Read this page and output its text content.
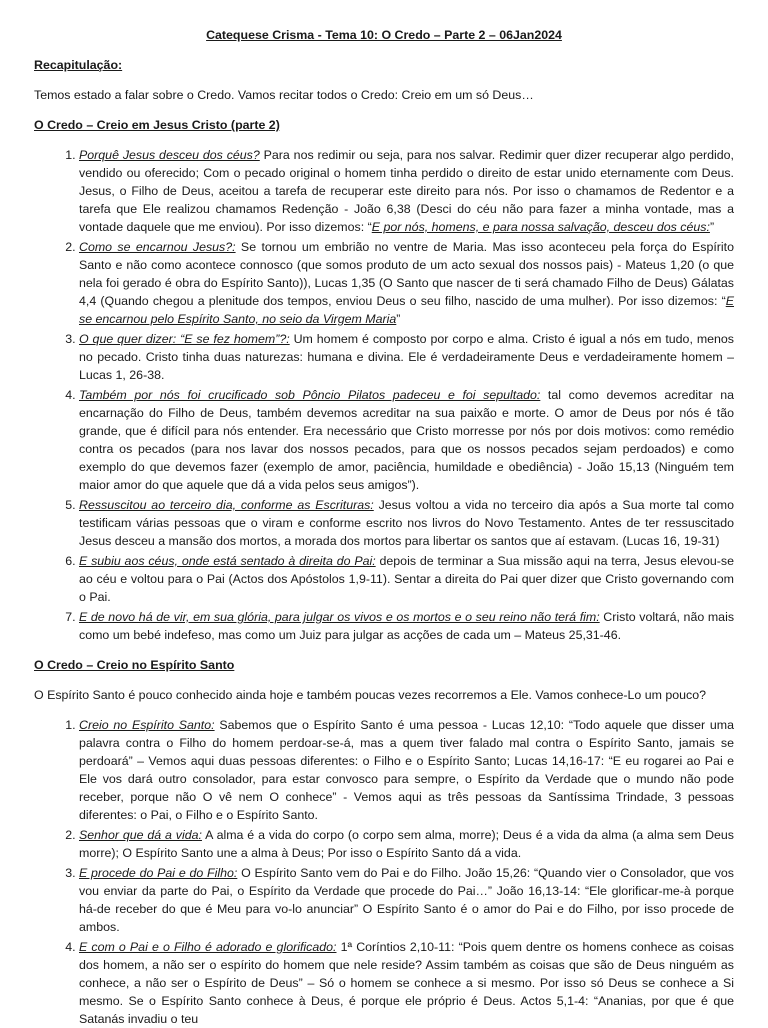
Catequese Crisma - Tema 10: O Credo – Parte 2 – 06Jan2024

Recapitulação:

Temos estado a falar sobre o Credo. Vamos recitar todos o Credo: Creio em um só Deus…

O Credo – Creio em Jesus Cristo (parte 2)

1. Porquê Jesus desceu dos céus? Para nos redimir ou seja, para nos salvar. Redimir quer dizer recuperar algo perdido, vendido ou oferecido; Com o pecado original o homem tinha perdido o direito de estar unido eternamente com Deus. Jesus, o Filho de Deus, aceitou a tarefa de recuperar este direito para nós. Por isso o chamamos de Redentor e a tarefa que Ele realizou chamamos Redenção - João 6,38 (Desci do céu não para fazer a minha vontade, mas a vontade daquele que me enviou). Por isso dizemos: “E por nós, homens, e para nossa salvação, desceu dos céus:”
2. Como se encarnou Jesus?: Se tornou um embrião no ventre de Maria. Mas isso aconteceu pela força do Espírito Santo e não como acontece connosco (que somos produto de um acto sexual dos nossos pais) - Mateus 1,20 (o que nela foi gerado é obra do Espírito Santo)), Lucas 1,35 (O Santo que nascer de ti será chamado Filho de Deus) Gálatas 4,4 (Quando chegou a plenitude dos tempos, enviou Deus o seu filho, nascido de uma mulher). Por isso dizemos: “E se encarnou pelo Espírito Santo, no seio da Virgem Maria”
3. O que quer dizer: “E se fez homem”?: Um homem é composto por corpo e alma. Cristo é igual a nós em tudo, menos no pecado. Cristo tinha duas naturezas: humana e divina. Ele é verdadeiramente Deus e verdadeiramente homem – Lucas 1, 26-38.
4. Também por nós foi crucificado sob Pôncio Pilatos padeceu e foi sepultado: tal como devemos acreditar na encarnação do Filho de Deus, também devemos acreditar na sua paixão e morte. O amor de Deus por nós é tão grande, que é difícil para nós entender. Era necessário que Cristo morresse por nós por dois motivos: como remédio contra os pecados (para nos lavar dos nossos pecados, para que os nossos pecados sejam perdoados) e como exemplo do que devemos fazer (exemplo de amor, paciência, humildade e obediência) - João 15,13 (Ninguém tem maior amor do que aquele que dá a vida pelos seus amigos”).
5. Ressuscitou ao terceiro dia, conforme as Escrituras: Jesus voltou a vida no terceiro dia após a Sua morte tal como testificam várias pessoas que o viram e conforme escrito nos livros do Novo Testamento. Antes de ter ressuscitado Jesus desceu a mansão dos mortos, a morada dos mortos para libertar os santos que aí estavam. (Lucas 16, 19-31)
6. E subiu aos céus, onde está sentado à direita do Pai: depois de terminar a Sua missão aqui na terra, Jesus elevou-se ao céu e voltou para o Pai (Actos dos Apóstolos 1,9-11). Sentar a direita do Pai quer dizer que Cristo governando com o Pai.
7. E de novo há de vir, em sua glória, para julgar os vivos e os mortos e o seu reino não terá fim: Cristo voltará, não mais como um bebé indefeso, mas como um Juiz para julgar as acções de cada um – Mateus 25,31-46.

O Credo – Creio no Espírito Santo

O Espírito Santo é pouco conhecido ainda hoje e também poucas vezes recorremos a Ele. Vamos conhece-Lo um pouco?

1. Creio no Espírito Santo: Sabemos que o Espírito Santo é uma pessoa - Lucas 12,10: “Todo aquele que disser uma palavra contra o Filho do homem perdoar-se-á, mas a quem tiver falado mal contra o Espírito Santo, jamais se perdoará” – Vemos aqui duas pessoas diferentes: o Filho e o Espírito Santo; Lucas 14,16-17: “E eu rogarei ao Pai e Ele vos dará outro consolador, para estar convosco para sempre, o Espírito da Verdade que o mundo não pode receber, porque não O vê nem O conhece” - Vemos aqui as três pessoas da Santíssima Trindade, 3 pessoas diferentes: o Pai, o Filho e o Espírito Santo.
2. Senhor que dá a vida: A alma é a vida do corpo (o corpo sem alma, morre); Deus é a vida da alma (a alma sem Deus morre); O Espírito Santo une a alma à Deus; Por isso o Espírito Santo dá a vida.
3. E procede do Pai e do Filho: O Espírito Santo vem do Pai e do Filho. João 15,26: “Quando vier o Consolador, que vos vou enviar da parte do Pai, o Espírito da Verdade que procede do Pai…” João 16,13-14: “Ele glorificar-me-à porque há-de receber do que é Meu para vo-lo anunciar” O Espírito Santo é o amor do Pai e do Filho, por isso procede de ambos.
4. E com o Pai e o Filho é adorado e glorificado: 1ª Coríntios 2,10-11: “Pois quem dentre os homens conhece as coisas dos homem, a não ser o espírito do homem que nele reside? Assim também as coisas que são de Deus ninguém as conhece, a não ser o Espírito de Deus” – Só o homem se conhece a si mesmo. Por isso só Deus se conhece a Si mesmo. Se o Espírito Santo conhece à Deus, é porque ele próprio é Deus. Actos 5,1-4: “Ananias, por que é que Satanás invadiu o teu
